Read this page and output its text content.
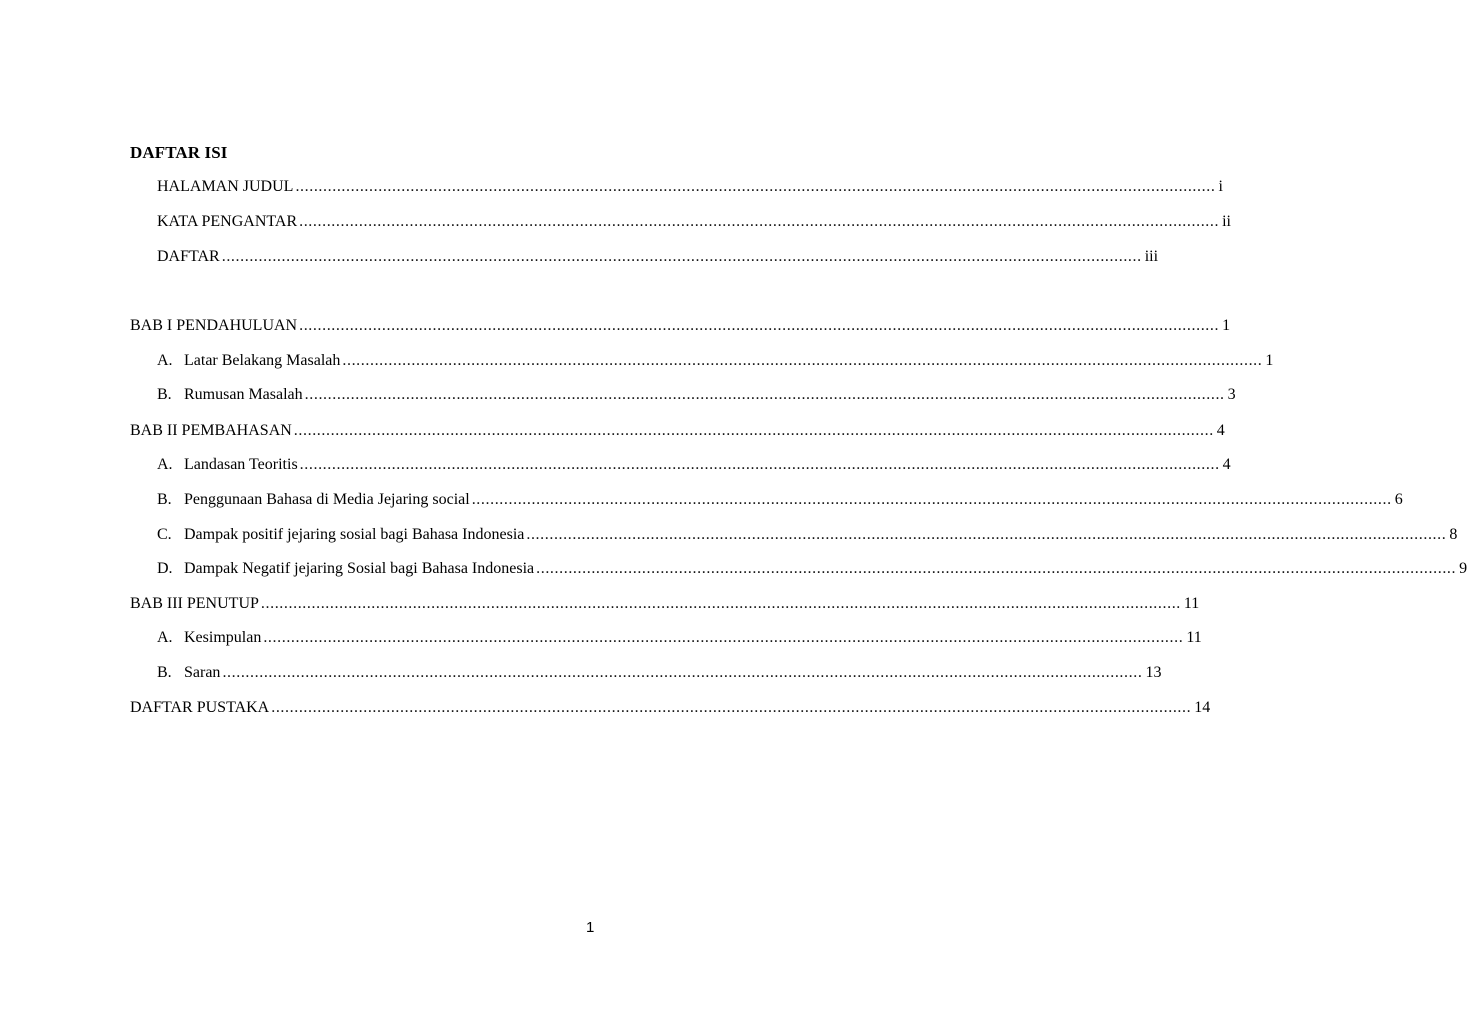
DAFTAR ISI
HALAMAN JUDUL ........................................................................................................................................................................................................ i
KATA PENGANTAR ........................................................................................................................................................................................................ ii
DAFTAR ........................................................................................................................................................................................................ iii
BAB I PENDAHULUAN ........................................................................................................................................................................................................ 1
A. Latar Belakang Masalah ........................................................................................................................................................................................................ 1
B. Rumusan Masalah ........................................................................................................................................................................................................ 3
BAB II PEMBAHASAN ........................................................................................................................................................................................................ 4
A. Landasan Teoritis ........................................................................................................................................................................................................ 4
B. Penggunaan Bahasa di Media Jejaring social ........................................................................................................................................................................................................ 6
C. Dampak positif jejaring sosial bagi Bahasa Indonesia ........................................................................................................................................................................................................ 8
D. Dampak Negatif jejaring Sosial bagi Bahasa Indonesia ........................................................................................................................................................................................................ 9
BAB III PENUTUP ........................................................................................................................................................................................................ 11
A. Kesimpulan ........................................................................................................................................................................................................ 11
B. Saran ........................................................................................................................................................................................................ 13
DAFTAR PUSTAKA ........................................................................................................................................................................................................ 14
1
